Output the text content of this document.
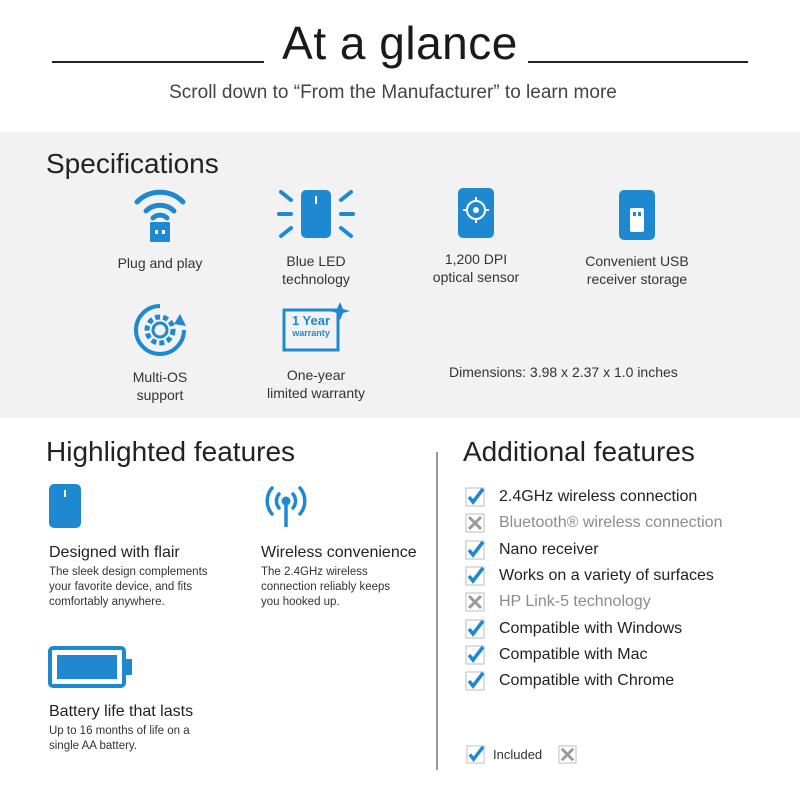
At a glance
Scroll down to “From the Manufacturer” to learn more
Specifications
Plug and play	Blue LED
technology
1,200 DPI
optical sensor
Convenient USB
receiver storage
Multi-OS
support
1 Year
warranty
One-year
limited warranty
Dimensions: 3.98 x 2.37 x 1.0 inches
Highlighted features
Designed with flair
The sleek design complements
your favorite device, and fits
comfortably anywhere.
Wireless convenience
The 2.4GHz wireless
connection reliably keeps
you hooked up.
Battery life that lasts
Up to 16 months of life on a
single AA battery.
Additional features
2.4GHz wireless connection
Bluetooth® wireless connection
Nano receiver
Works on a variety of surfaces
HP Link-5 technology
Compatible with Windows
Compatible with Mac
Compatible with Chrome
Included
